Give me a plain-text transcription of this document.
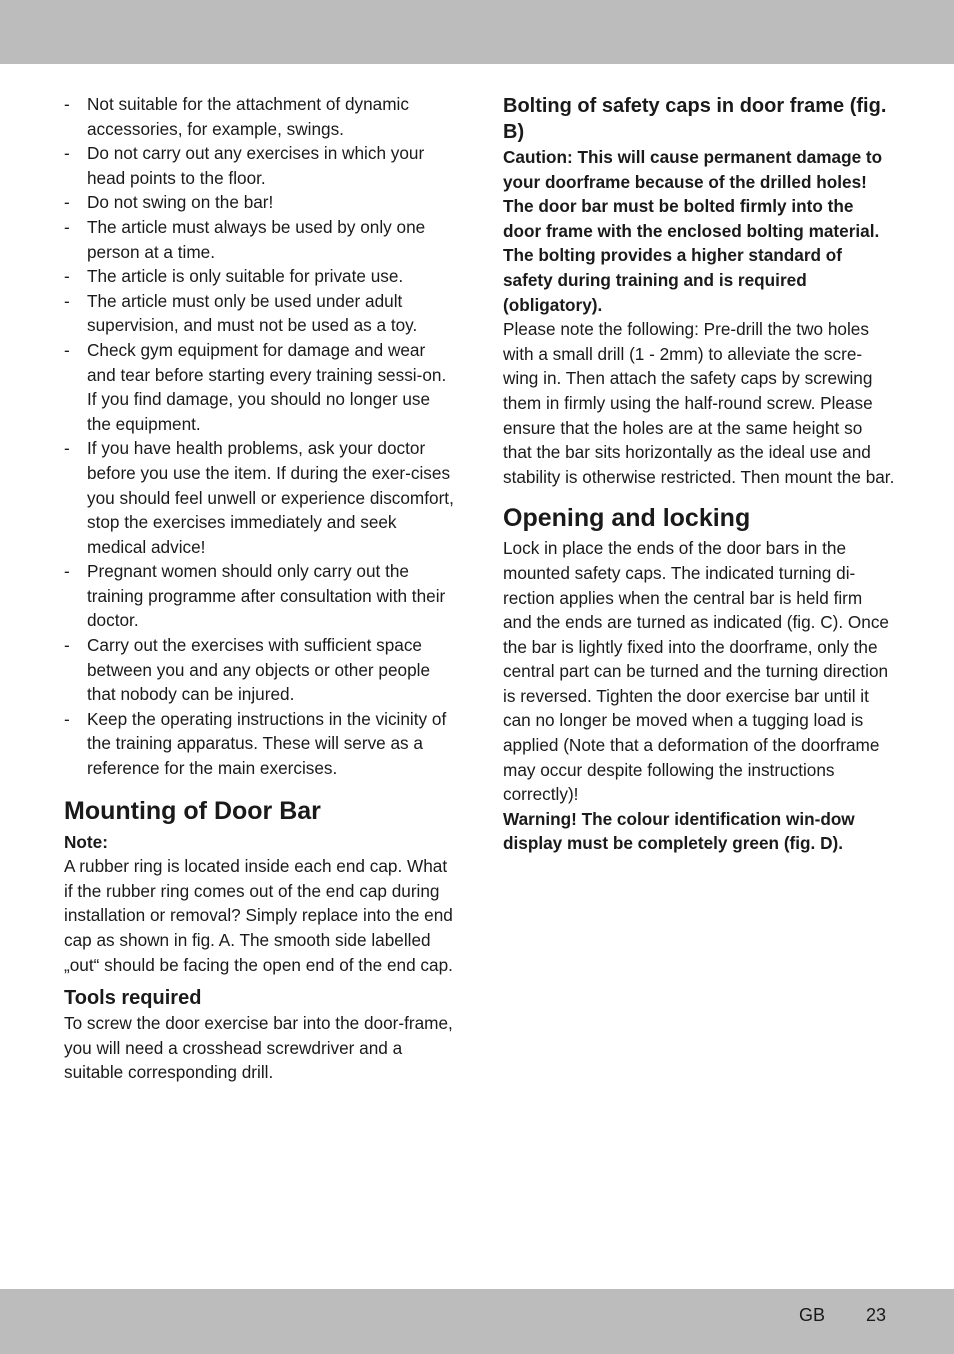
- Not suitable for the attachment of dynamic accessories, for example, swings.
- Do not carry out any exercises in which your head points to the floor.
- Do not swing on the bar!
- The article must always be used by only one person at a time.
- The article is only suitable for private use.
- The article must only be used under adult supervision, and must not be used as a toy.
- Check gym equipment for damage and wear and tear before starting every training sessi-on. If you find damage, you should no longer use the equipment.
- If you have health problems, ask your doctor before you use the item. If during the exer-cises you should feel unwell or experience discomfort, stop the exercises immediately and seek medical advice!
- Pregnant women should only carry out the training programme after consultation with their doctor.
- Carry out the exercises with sufficient space between you and any objects or other people that nobody can be injured.
- Keep the operating instructions in the vicinity of the training apparatus. These will serve as a reference for the main exercises.
Mounting of Door Bar

Note:

A rubber ring is located inside each end cap. What if the rubber ring comes out of the end cap during installation or removal? Simply replace into the end cap as shown in fig. A. The smooth side labelled „out“ should be facing the open end of the end cap.

Tools required

To screw the door exercise bar into the door-frame, you will need a crosshead screwdriver and a suitable corresponding drill.

Bolting of safety caps in door frame (fig. B)

Caution: This will cause permanent damage to your doorframe because of the drilled holes! The door bar must be bolted firmly into the door frame with the enclosed bolting material.

The bolting provides a higher standard of safety during training and is required (obligatory).

Please note the following: Pre-drill the two holes with a small drill (1 - 2mm) to alleviate the scre-wing in. Then attach the safety caps by screwing them in firmly using the half-round screw. Please ensure that the holes are at the same height so that the bar sits horizontally as the ideal use and stability is otherwise restricted. Then mount the bar.

Opening and locking

Lock in place the ends of the door bars in the mounted safety caps. The indicated turning di-rection applies when the central bar is held firm and the ends are turned as indicated (fig. C). Once the bar is lightly fixed into the doorframe, only the central part can be turned and the turning direction is reversed. Tighten the door exercise bar until it can no longer be moved when a tugging load is applied (Note that a deformation of the doorframe may occur despite following the instructions correctly)!

Warning! The colour identification win-dow display must be completely green (fig. D).

GB 23
